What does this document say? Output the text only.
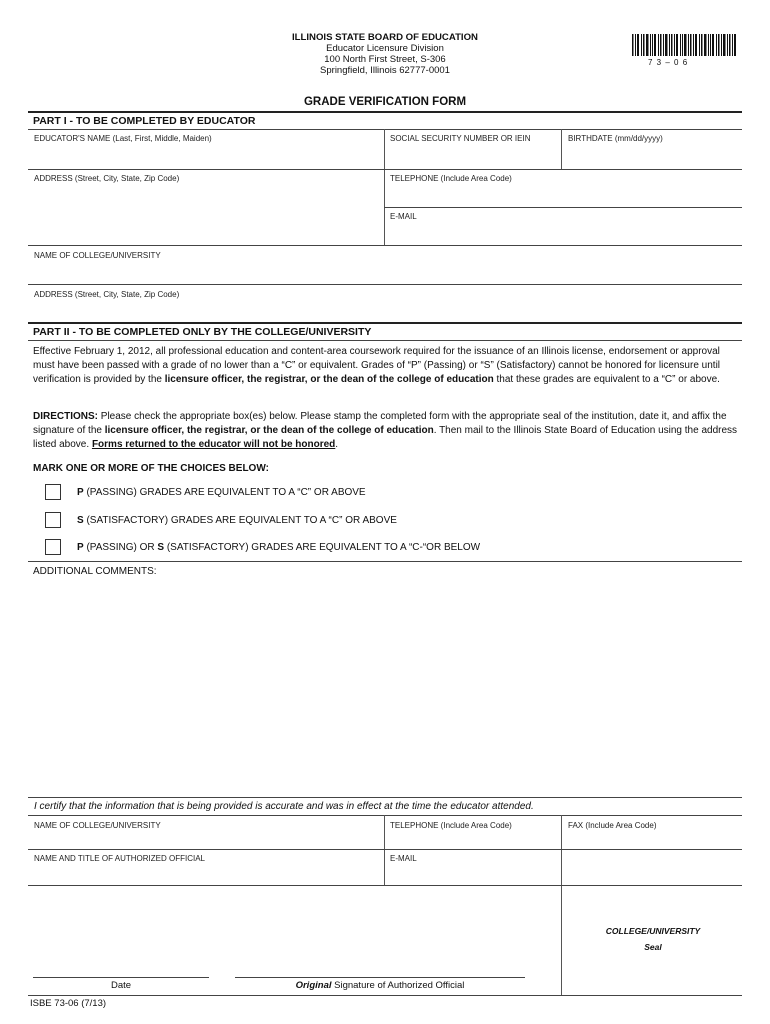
ILLINOIS STATE BOARD OF EDUCATION
Educator Licensure Division
100 North First Street, S-306
Springfield, Illinois 62777-0001
7 3 – 0 6
GRADE VERIFICATION FORM
PART I - TO BE COMPLETED BY EDUCATOR
EDUCATOR'S NAME (Last, First, Middle, Maiden)	SOCIAL SECURITY NUMBER OR IEIN	BIRTHDATE (mm/dd/yyyy)
ADDRESS (Street, City, State, Zip Code)	TELEPHONE (Include Area Code)
E-MAIL
NAME OF COLLEGE/UNIVERSITY
ADDRESS (Street, City, State, Zip Code)
PART II - TO BE COMPLETED ONLY BY THE COLLEGE/UNIVERSITY
Effective February 1, 2012, all professional education and content-area coursework required for the issuance of an Illinois license, endorsement or approval must have been passed with a grade of no lower than a “C” or equivalent. Grades of “P” (Passing) or “S” (Satisfactory) cannot be honored for licensure until verification is provided by the licensure officer, the registrar, or the dean of the college of education that these grades are equivalent to a “C” or above.
DIRECTIONS: Please check the appropriate box(es) below. Please stamp the completed form with the appropriate seal of the institution, date it, and affix the signature of the licensure officer, the registrar, or the dean of the college of education. Then mail to the Illinois State Board of Education using the address listed above. Forms returned to the educator will not be honored.
MARK ONE OR MORE OF THE CHOICES BELOW:
P (PASSING) GRADES ARE EQUIVALENT TO A “C” OR ABOVE
S (SATISFACTORY) GRADES ARE EQUIVALENT TO A “C” OR ABOVE
P (PASSING) OR S (SATISFACTORY) GRADES ARE EQUIVALENT TO A “C-“OR BELOW
ADDITIONAL COMMENTS:
I certify that the information that is being provided is accurate and was in effect at the time the educator attended.
NAME OF COLLEGE/UNIVERSITY	TELEPHONE (Include Area Code)	FAX (Include Area Code)
NAME AND TITLE OF AUTHORIZED OFFICIAL	E-MAIL
COLLEGE/UNIVERSITY
Seal
Date	Original Signature of Authorized Official
ISBE 73-06 (7/13)
